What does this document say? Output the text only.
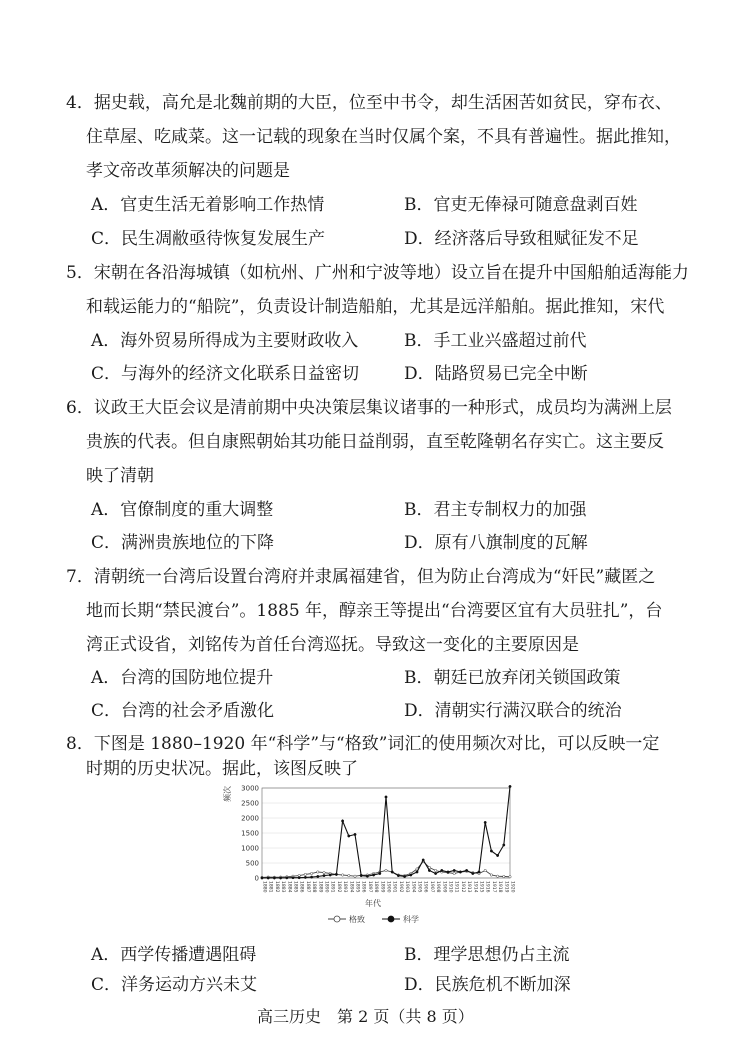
4．据史载，高允是北魏前期的大臣，位至中书令，却生活困苦如贫民，穿布衣、
住草屋、吃咸菜。这一记载的现象在当时仅属个案，不具有普遍性。据此推知，
孝文帝改革须解决的问题是
A．官吏生活无着影响工作热情	B．官吏无俸禄可随意盘剥百姓
C．民生凋敝亟待恢复发展生产	D．经济落后导致租赋征发不足
5．宋朝在各沿海城镇（如杭州、广州和宁波等地）设立旨在提升中国船舶适海能力
和载运能力的“船院”，负责设计制造船舶，尤其是远洋船舶。据此推知，宋代
A．海外贸易所得成为主要财政收入	B．手工业兴盛超过前代
C．与海外的经济文化联系日益密切	D．陆路贸易已完全中断
6．议政王大臣会议是清前期中央决策层集议诸事的一种形式，成员均为满洲上层
贵族的代表。但自康熙朝始其功能日益削弱，直至乾隆朝名存实亡。这主要反
映了清朝
A．官僚制度的重大调整	B．君主专制权力的加强
C．满洲贵族地位的下降	D．原有八旗制度的瓦解
7．清朝统一台湾后设置台湾府并隶属福建省，但为防止台湾成为“奸民”藏匿之
地而长期“禁民渡台”。1885 年，醇亲王等提出“台湾要区宜有大员驻扎”，台
湾正式设省，刘铭传为首任台湾巡抚。导致这一变化的主要原因是
A．台湾的国防地位提升	B．朝廷已放弃闭关锁国政策
C．台湾的社会矛盾激化	D．清朝实行满汉联合的统治
8．下图是 1880–1920 年“科学”与“格致”词汇的使用频次对比，可以反映一定
时期的历史状况。据此，该图反映了
0
500
1000
1500
2000
2500
3000
1880 1881 1882 1883 1884 1885 1886 1887 1888 1889 1890 1891 1892 1893 1894 1895 1896 1897 1898 1899 1900 1901 1902 1903 1904 1905 1906 1907 1908 1909 1910 1911 1912 1913 1914 1915 1916 1917 1918 1919 1920
频次
年代
格致	科学
A．西学传播遭遇阻碍	B．理学思想仍占主流
C．洋务运动方兴未艾	D．民族危机不断加深
高三历史　第 2 页（共 8 页）
